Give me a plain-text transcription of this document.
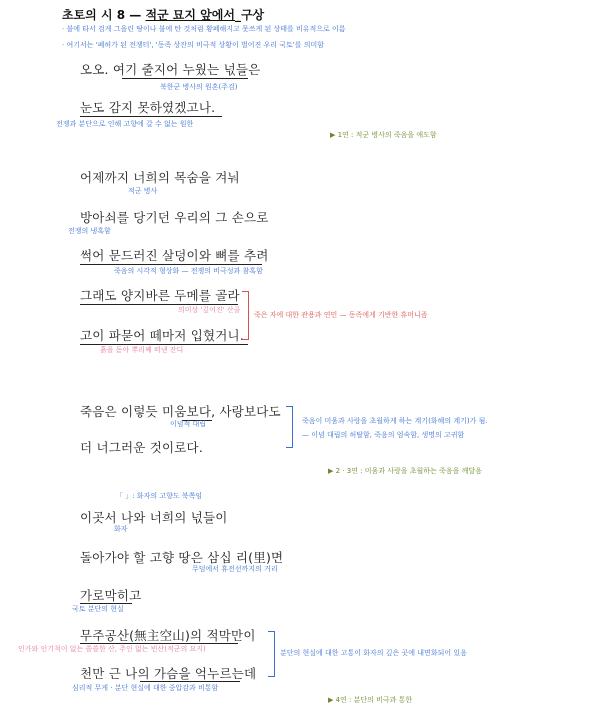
초토의 시 8 — 적군 묘지 앞에서_구상
· 불에 타서 검게 그을린 땅이나 불에 탄 것처럼 황폐해지고 못쓰게 된 상태를 비유적으로 이름
· 여기서는 '폐허가 된 전쟁터', '동족 상잔의 비극적 상황이 벌어진 우리 국토'를 의미함
오오. 여기 줄지어 누웠는 넋들은
북한군 병사의 원혼(주검)
눈도 감지 못하였겠고나.
전쟁과 분단으로 인해 고향에 갈 수 없는 원한
▶ 1연 : 적군 병사의 죽음을 애도함
어제까지 너희의 목숨을 겨눠
적군 병사
방아쇠를 당기던 우리의 그 손으로
전쟁의 냉혹함
썩어 문드러진 살덩이와 뼈를 추려
죽음의 시각적 형상화 — 전쟁의 비극성과 참혹함
그래도 양지바른 두메를 골라
의미상 '깊어진' 산골
고이 파묻어 떼마저 입혔거니.
흙을 돋아 뿌리째 떠낸 잔디
죽은 자에 대한 관용과 연민 — 동족에게 기반한 휴머니즘
죽음은 이렇듯 미움보다, 사랑보다도
이념적 대립
더 너그러운 것이로다.
죽음이 미움과 사랑을 초월하게 하는 계기(화해의 계기)가 됨.
— 이념 대립의 허탈함, 죽음의 엄숙함, 생명의 고귀함
▶ 2 · 3연 : 미움과 사랑을 초월하는 죽음을 깨달음
「 」: 화자의 고향도 북쪽임
이곳서 나와 너희의 넋들이
화자
돌아가야 할 고향 땅은 삼십 리(里)면
무덤에서 휴전선까지의 거리
가로막히고
국토 분단의 현실
무주공산(無主空山)의 적막만이
인가와 인기척이 없는 쓸쓸한 산, 주인 없는 빈산(적군의 묘지)
천만 근 나의 가슴을 억누르는데
심리적 무게 · 분단 현실에 대한 중압감과 비통함
분단의 현실에 대한 고통이 화자의 깊은 곳에 내면화되어 있음
▶ 4연 : 분단의 비극과 통한
